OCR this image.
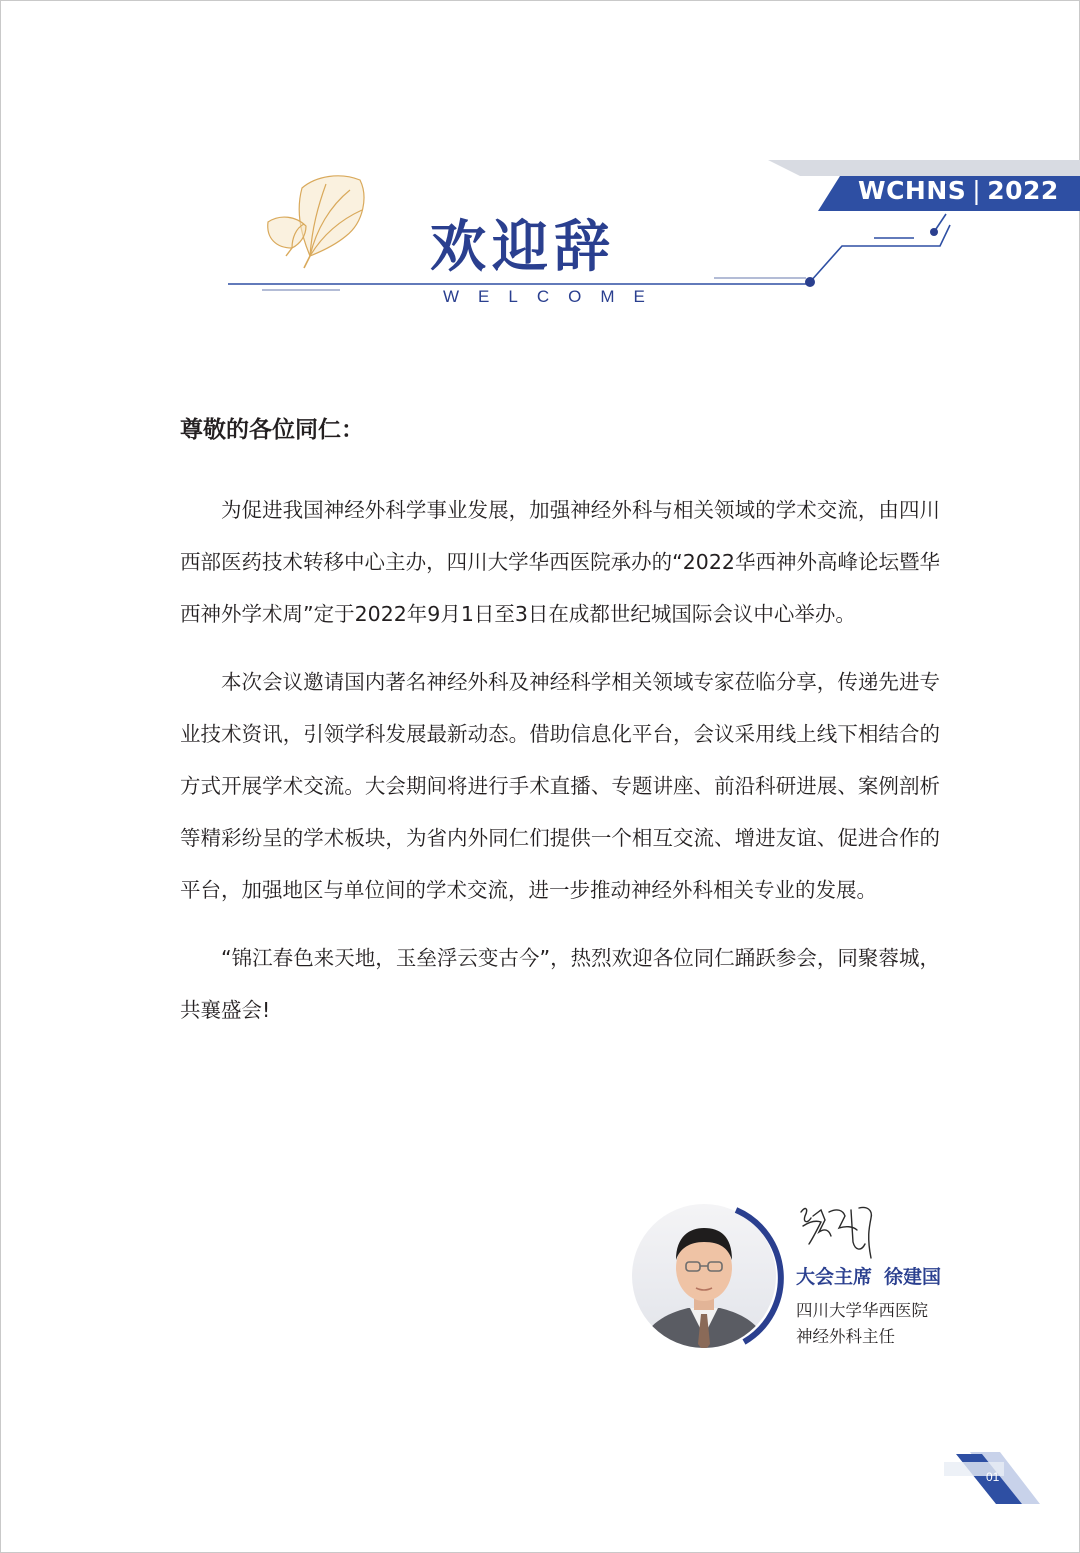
WCHNS | 2022
欢迎辞
WELCOME

尊敬的各位同仁：

为促进我国神经外科学事业发展，加强神经外科与相关领域的学术交流，由四川西部医药技术转移中心主办，四川大学华西医院承办的“2022华西神外高峰论坛暨华西神外学术周”定于2022年9月1日至3日在成都世纪城国际会议中心举办。

本次会议邀请国内著名神经外科及神经科学相关领域专家莅临分享，传递先进专业技术资讯，引领学科发展最新动态。借助信息化平台，会议采用线上线下相结合的方式开展学术交流。大会期间将进行手术直播、专题讲座、前沿科研进展、案例剖析等精彩纷呈的学术板块，为省内外同仁们提供一个相互交流、增进友谊、促进合作的平台，加强地区与单位间的学术交流，进一步推动神经外科相关专业的发展。

“锦江春色来天地，玉垒浮云变古今”，热烈欢迎各位同仁踊跃参会，同聚蓉城，共襄盛会!

大会主席 徐建国
四川大学华西医院
神经外科主任
01
